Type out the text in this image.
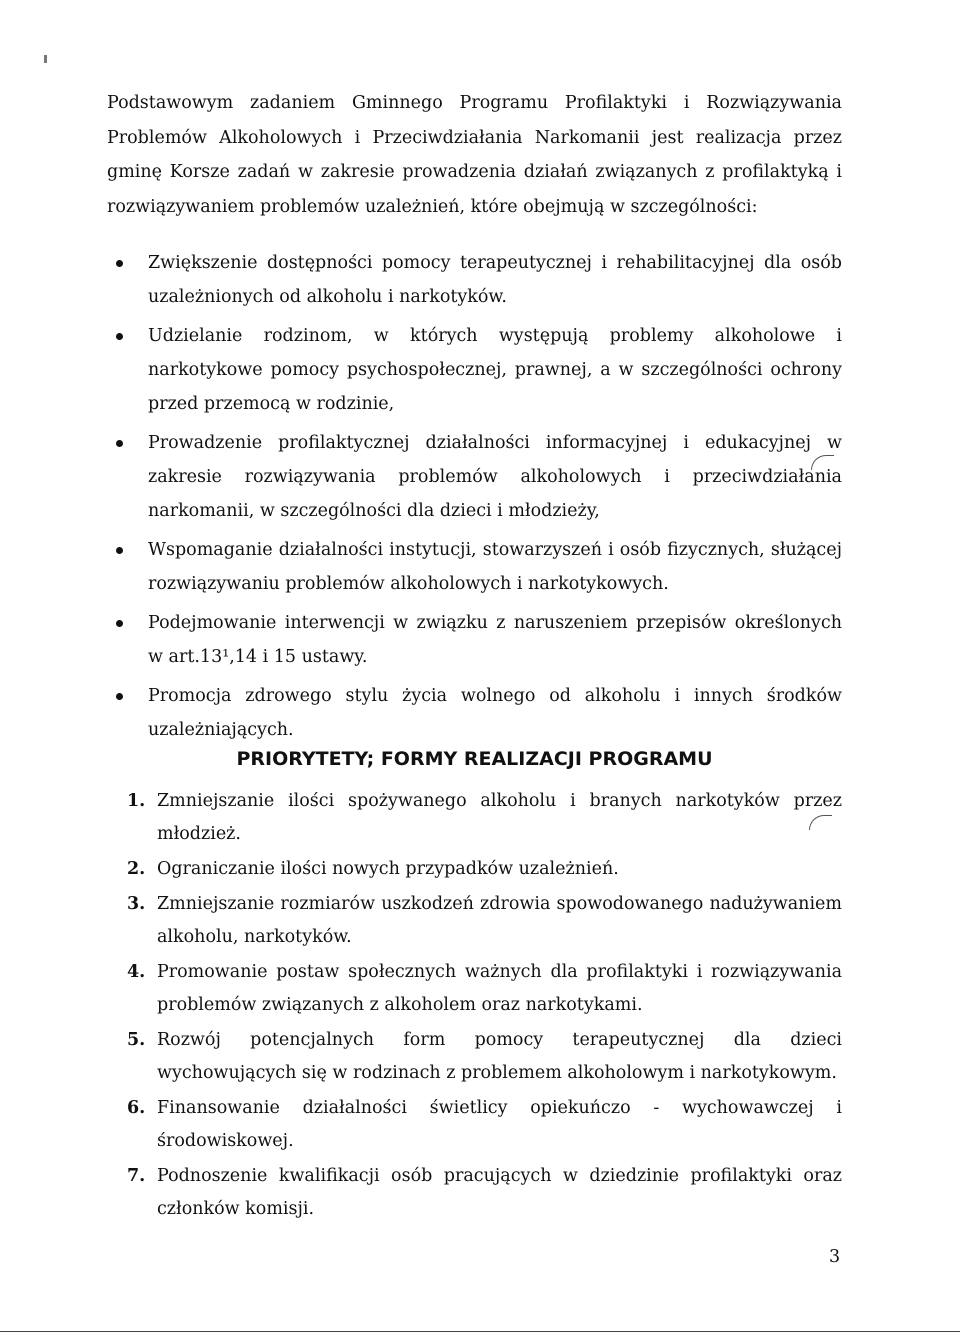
Podstawowym zadaniem Gminnego Programu Profilaktyki i Rozwiązywania Problemów Alkoholowych i Przeciwdziałania Narkomanii jest realizacja przez gminę Korsze zadań w zakresie prowadzenia działań związanych z profilaktyką i rozwiązywaniem problemów uzależnień, które obejmują w szczególności:

Zwiększenie dostępności pomocy terapeutycznej i rehabilitacyjnej dla osób uzależnionych od alkoholu i narkotyków.
Udzielanie rodzinom, w których występują problemy alkoholowe i narkotykowe pomocy psychospołecznej, prawnej, a w szczególności ochrony przed przemocą w rodzinie,
Prowadzenie profilaktycznej działalności informacyjnej i edukacyjnej w zakresie rozwiązywania problemów alkoholowych i przeciwdziałania narkomanii, w szczególności dla dzieci i młodzieży,
Wspomaganie działalności instytucji, stowarzyszeń i osób fizycznych, służącej rozwiązywaniu problemów alkoholowych i narkotykowych.
Podejmowanie interwencji w związku z naruszeniem przepisów określonych w art.13¹,14 i 15 ustawy.
Promocja zdrowego stylu życia wolnego od alkoholu i innych środków uzależniających.
PRIORYTETY; FORMY REALIZACJI PROGRAMU
1. Zmniejszanie ilości spożywanego alkoholu i branych narkotyków przez młodzież.
2. Ograniczanie ilości nowych przypadków uzależnień.
3. Zmniejszanie rozmiarów uszkodzeń zdrowia spowodowanego nadużywaniem alkoholu, narkotyków.
4. Promowanie postaw społecznych ważnych dla profilaktyki i rozwiązywania problemów związanych z alkoholem oraz narkotykami.
5. Rozwój potencjalnych form pomocy terapeutycznej dla dzieci wychowujących się w rodzinach z problemem alkoholowym i narkotykowym.
6. Finansowanie działalności świetlicy opiekuńczo - wychowawczej i środowiskowej.
7. Podnoszenie kwalifikacji osób pracujących w dziedzinie profilaktyki oraz członków komisji.
3
